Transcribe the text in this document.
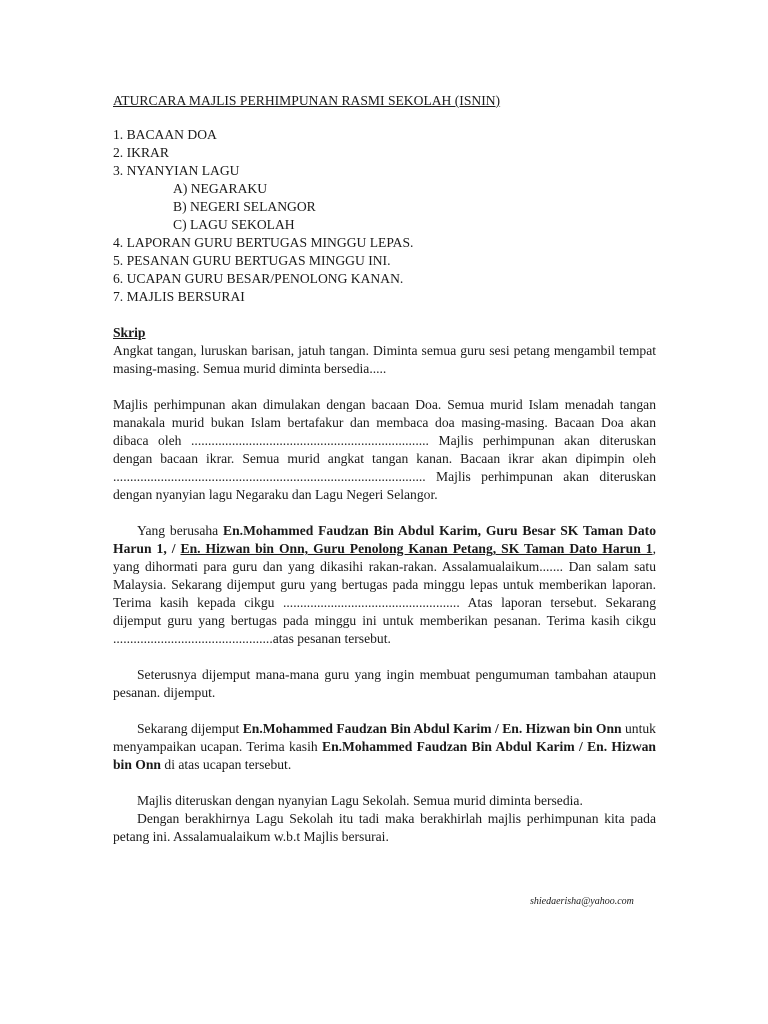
ATURCARA MAJLIS PERHIMPUNAN RASMI SEKOLAH (ISNIN)
1. BACAAN DOA
2. IKRAR
3. NYANYIAN LAGU
A) NEGARAKU
B) NEGERI SELANGOR
C) LAGU SEKOLAH
4. LAPORAN GURU BERTUGAS MINGGU LEPAS.
5. PESANAN GURU BERTUGAS MINGGU INI.
6. UCAPAN GURU BESAR/PENOLONG KANAN.
7. MAJLIS BERSURAI
Skrip

Angkat tangan, luruskan barisan, jatuh tangan. Diminta semua guru sesi petang mengambil tempat masing-masing. Semua murid diminta bersedia.....

Majlis perhimpunan akan dimulakan dengan bacaan Doa. Semua murid Islam menadah tangan manakala murid bukan Islam bertafakur dan membaca doa masing-masing. Bacaan Doa akan dibaca oleh ...................................................................... Majlis perhimpunan akan diteruskan dengan bacaan ikrar. Semua murid angkat tangan kanan. Bacaan ikrar akan dipimpin oleh ............................................................................................ Majlis perhimpunan akan diteruskan dengan nyanyian lagu Negaraku dan Lagu Negeri Selangor.

Yang berusaha En.Mohammed Faudzan Bin Abdul Karim, Guru Besar SK Taman Dato Harun 1, / En. Hizwan bin Onn, Guru Penolong Kanan Petang, SK Taman Dato Harun 1, yang dihormati para guru dan yang dikasihi rakan-rakan. Assalamualaikum....... Dan salam satu Malaysia. Sekarang dijemput guru yang bertugas pada minggu lepas untuk memberikan laporan. Terima kasih kepada cikgu .................................................... Atas laporan tersebut. Sekarang dijemput guru yang bertugas pada minggu ini untuk memberikan pesanan. Terima kasih cikgu ...............................................atas pesanan tersebut.

Seterusnya dijemput mana-mana guru yang ingin membuat pengumuman tambahan ataupun pesanan. dijemput.

Sekarang dijemput En.Mohammed Faudzan Bin Abdul Karim / En. Hizwan bin Onn untuk menyampaikan ucapan. Terima kasih En.Mohammed Faudzan Bin Abdul Karim / En. Hizwan bin Onn di atas ucapan tersebut.

Majlis diteruskan dengan nyanyian Lagu Sekolah. Semua murid diminta bersedia.

Dengan berakhirnya Lagu Sekolah itu tadi maka berakhirlah majlis perhimpunan kita pada petang ini. Assalamualaikum w.b.t Majlis bersurai.

shiedaerisha@yahoo.com
